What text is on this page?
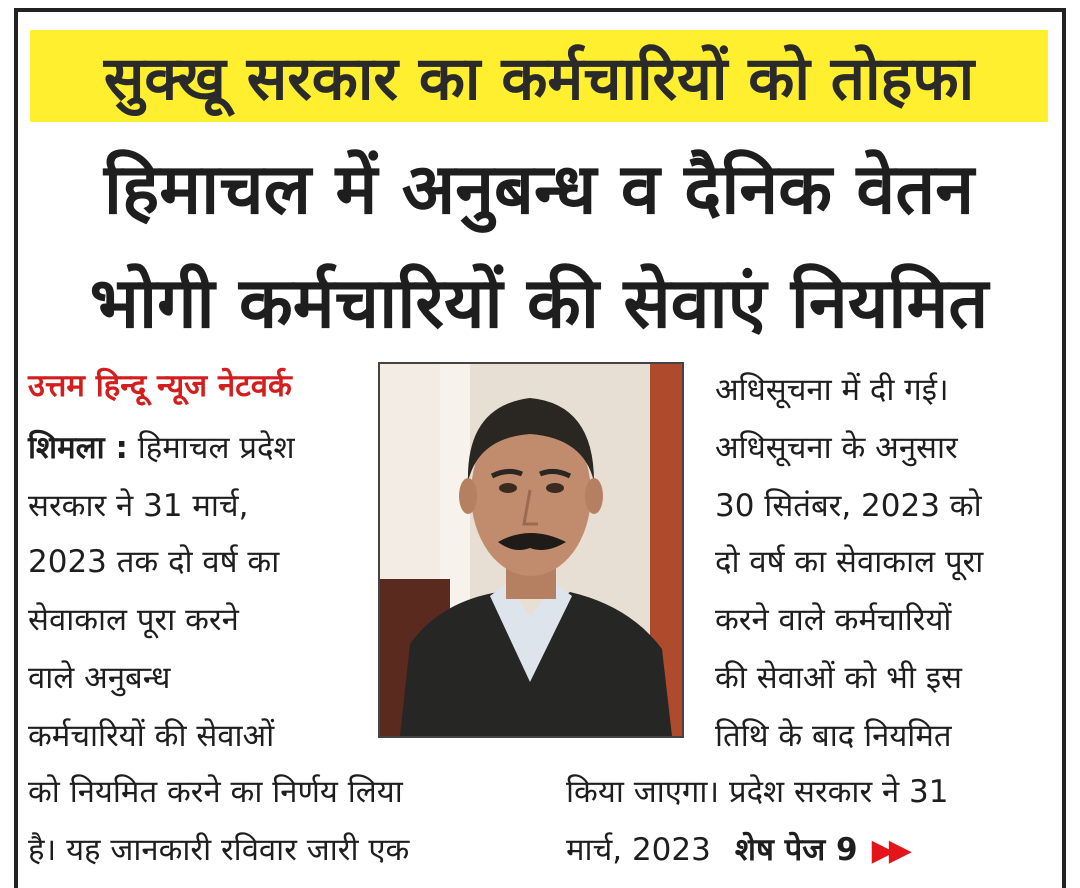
सुक्खू सरकार का कर्मचारियों को तोहफा
हिमाचल में अनुबन्ध व दैनिक वेतन
भोगी कर्मचारियों की सेवाएं नियमित
उत्तम हिन्दू न्यूज नेटवर्क
शिमला : हिमाचल प्रदेश
सरकार ने 31 मार्च,
2023 तक दो वर्ष का
सेवाकाल पूरा करने
वाले अनुबन्ध
कर्मचारियों की सेवाओं
को नियमित करने का निर्णय लिया
है। यह जानकारी रविवार जारी एक
अधिसूचना में दी गई।
अधिसूचना के अनुसार
30 सितंबर, 2023 को
दो वर्ष का सेवाकाल पूरा
करने वाले कर्मचारियों
की सेवाओं को भी इस
तिथि के बाद नियमित
किया जाएगा। प्रदेश सरकार ने 31
मार्च, 2023 शेष पेज 9 ▶▶
